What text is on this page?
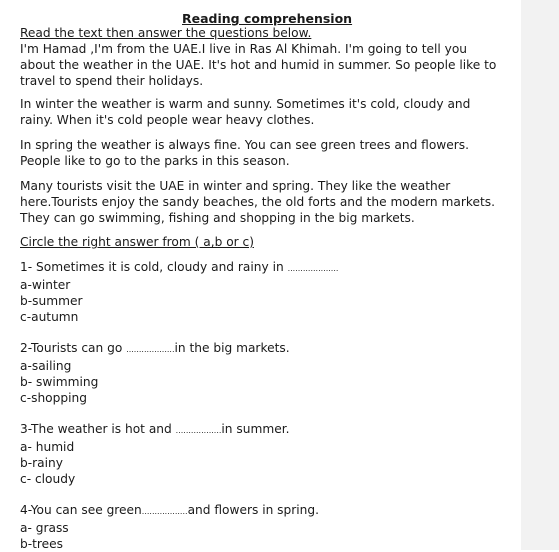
Reading comprehension
Read the text then answer the questions below.
I'm Hamad ,I'm from the UAE.I live in Ras Al Khimah. I'm going to tell you about the weather in the UAE. It's hot and humid in summer. So people like to travel to spend their holidays.
In winter the weather is warm and sunny. Sometimes it's cold, cloudy and rainy. When it's cold people wear heavy clothes.
In spring the weather is always fine. You can see green trees and flowers. People like to go to the parks in this season.
Many tourists visit the UAE in winter and spring. They like the weather here.Tourists enjoy the sandy beaches, the old forts and the modern markets. They can go swimming, fishing and shopping in the big markets.
Circle the right answer from ( a,b or c)
1- Sometimes it is cold, cloudy and rainy in ....................
a-winter
b-summer
c-autumn
2-Tourists can go ...................in the big markets.
a-sailing
b- swimming
c-shopping
3-The weather is hot and ..................in summer.
a- humid
b-rainy
c- cloudy
4-You can see green..................and flowers in spring.
a- grass
b-trees
